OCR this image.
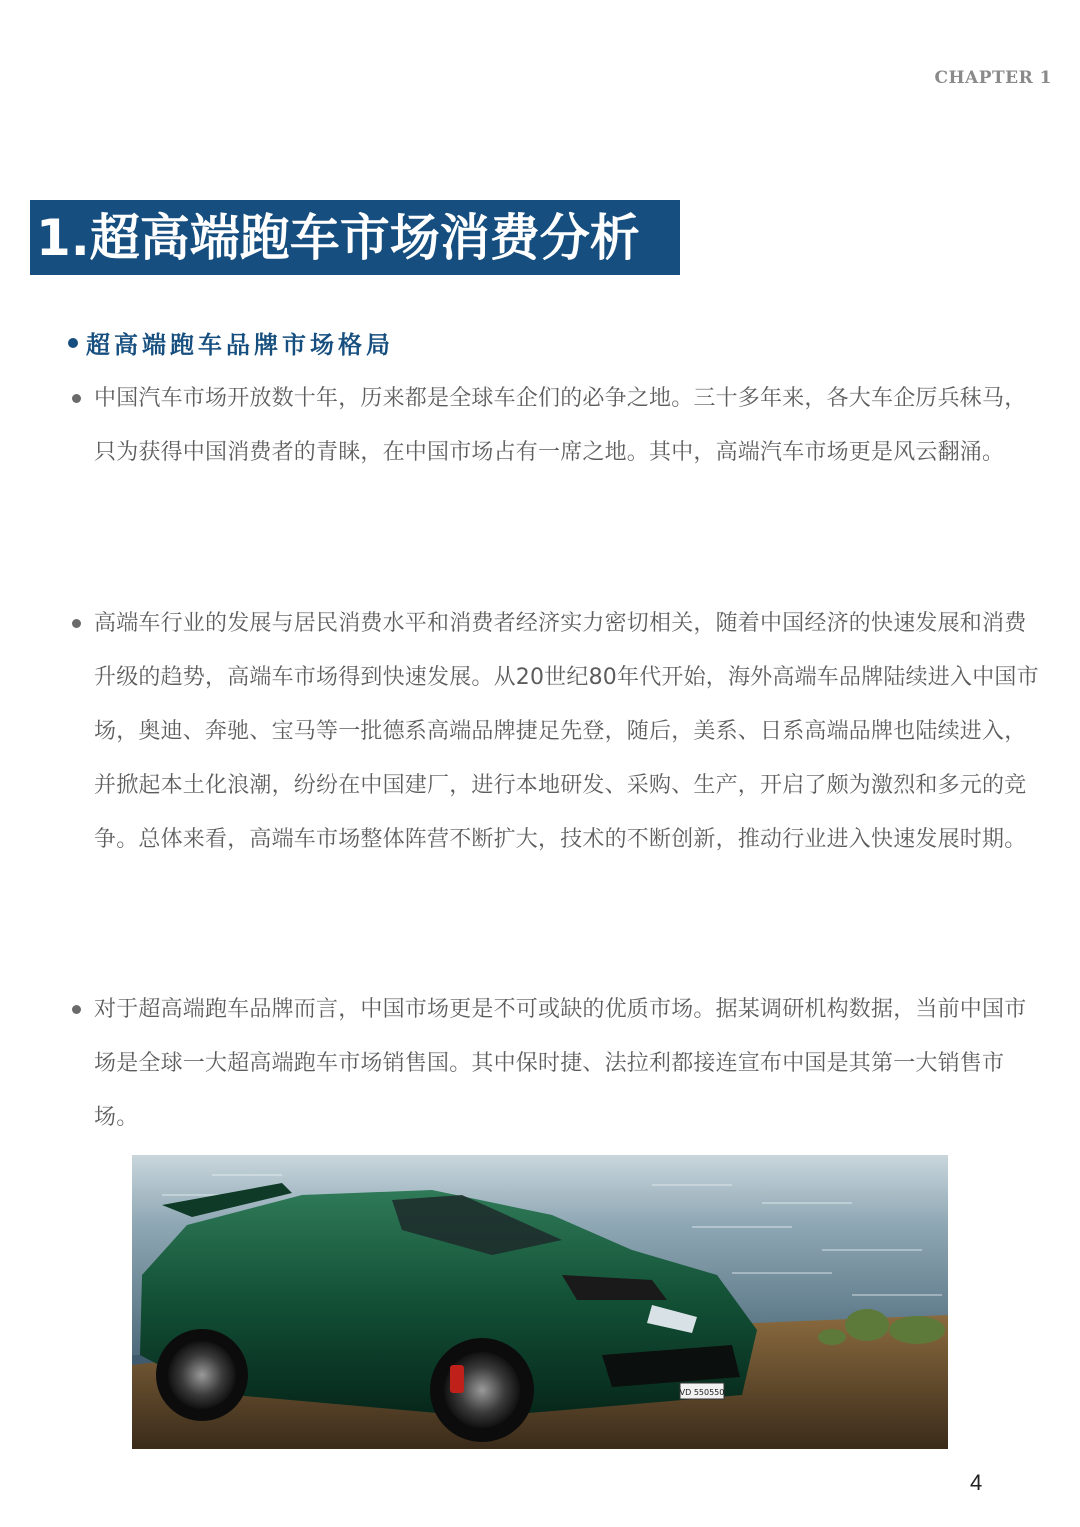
CHAPTER 1
1.超高端跑车市场消费分析
超高端跑车品牌市场格局

中国汽车市场开放数十年，历来都是全球车企们的必争之地。三十多年来，各大车企厉兵秣马，只为获得中国消费者的青睐，在中国市场占有一席之地。其中，高端汽车市场更是风云翻涌。

高端车行业的发展与居民消费水平和消费者经济实力密切相关，随着中国经济的快速发展和消费升级的趋势，高端车市场得到快速发展。从20世纪80年代开始，海外高端车品牌陆续进入中国市场，奥迪、奔驰、宝马等一批德系高端品牌捷足先登，随后，美系、日系高端品牌也陆续进入，并掀起本土化浪潮，纷纷在中国建厂，进行本地研发、采购、生产，开启了颇为激烈和多元的竞争。总体来看，高端车市场整体阵营不断扩大，技术的不断创新，推动行业进入快速发展时期。

对于超高端跑车品牌而言，中国市场更是不可或缺的优质市场。据某调研机构数据，当前中国市场是全球一大超高端跑车市场销售国。其中保时捷、法拉利都接连宣布中国是其第一大销售市场。

VD 550550
4
